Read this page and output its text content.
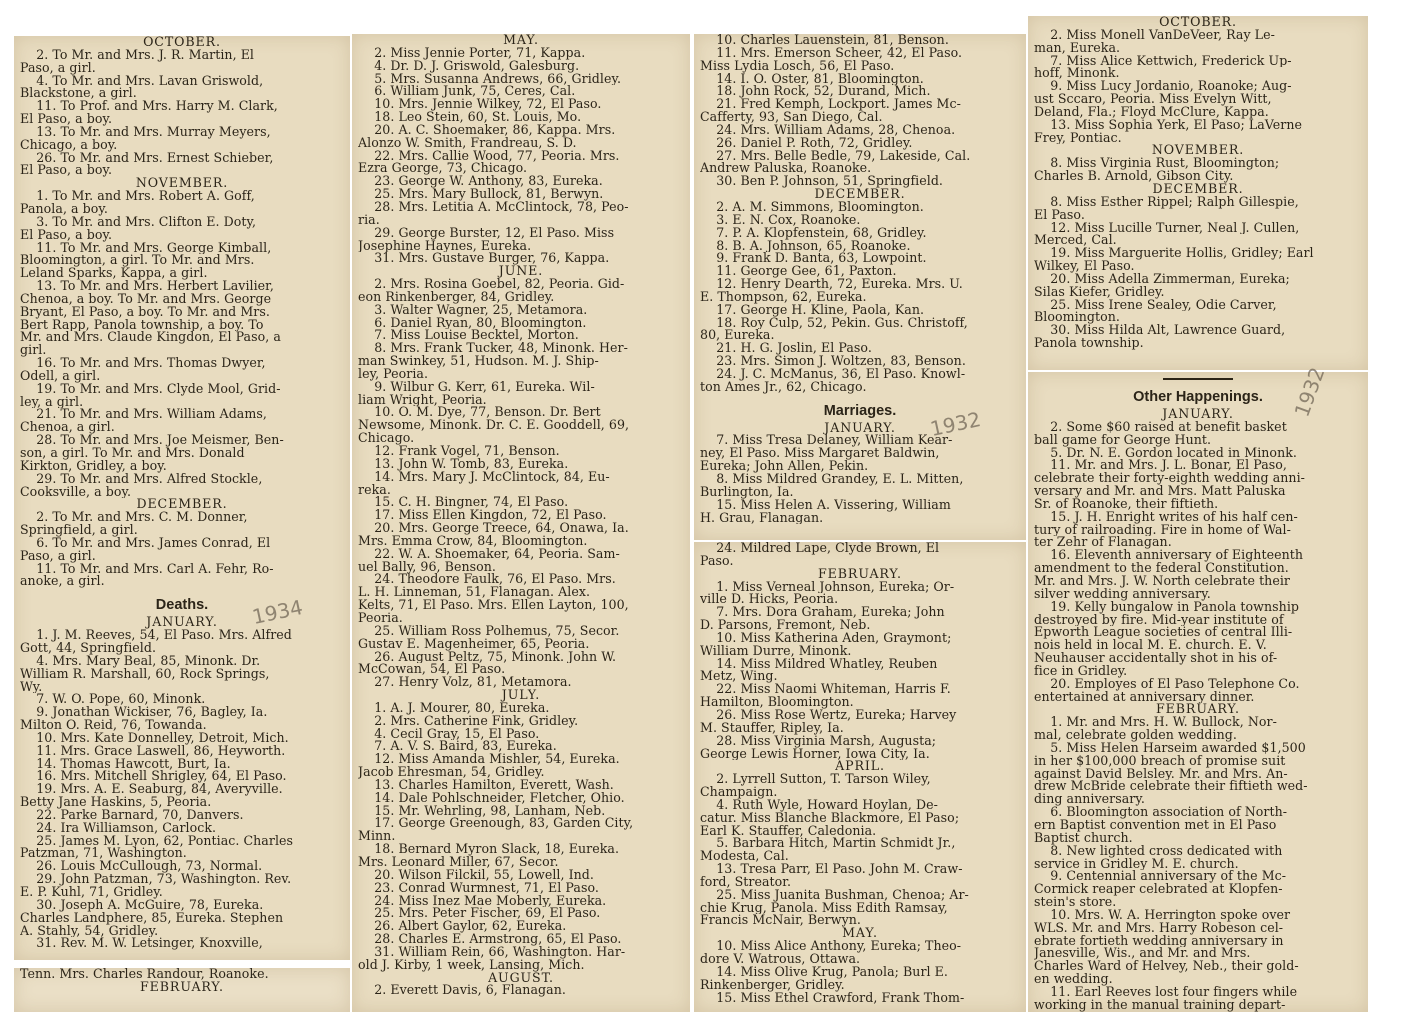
OCTOBER.
2. To Mr. and Mrs. J. R. Martin, El
Paso, a girl.
4. To Mr. and Mrs. Lavan Griswold,
Blackstone, a girl.
11. To Prof. and Mrs. Harry M. Clark,
El Paso, a boy.
13. To Mr. and Mrs. Murray Meyers,
Chicago, a boy.
26. To Mr. and Mrs. Ernest Schieber,
El Paso, a boy.
NOVEMBER.
1. To Mr. and Mrs. Robert A. Goff,
Panola, a boy.
3. To Mr. and Mrs. Clifton E. Doty,
El Paso, a boy.
11. To Mr. and Mrs. George Kimball,
Bloomington, a girl. To Mr. and Mrs.
Leland Sparks, Kappa, a girl.
13. To Mr. and Mrs. Herbert Lavilier,
Chenoa, a boy. To Mr. and Mrs. George
Bryant, El Paso, a boy. To Mr. and Mrs.
Bert Rapp, Panola township, a boy. To
Mr. and Mrs. Claude Kingdon, El Paso, a
girl.
16. To Mr. and Mrs. Thomas Dwyer,
Odell, a girl.
19. To Mr. and Mrs. Clyde Mool, Grid-
ley, a girl.
21. To Mr. and Mrs. William Adams,
Chenoa, a girl.
28. To Mr. and Mrs. Joe Meismer, Ben-
son, a girl. To Mr. and Mrs. Donald
Kirkton, Gridley, a boy.
29. To Mr. and Mrs. Alfred Stockle,
Cooksville, a boy.
DECEMBER.
2. To Mr. and Mrs. C. M. Donner,
Springfield, a girl.
6. To Mr. and Mrs. James Conrad, El
Paso, a girl.
11. To Mr. and Mrs. Carl A. Fehr, Ro-
anoke, a girl.
Deaths.
JANUARY.
1. J. M. Reeves, 54, El Paso. Mrs. Alfred
Gott, 44, Springfield.
4. Mrs. Mary Beal, 85, Minonk. Dr.
William R. Marshall, 60, Rock Springs,
Wy.
7. W. O. Pope, 60, Minonk.
9. Jonathan Wickiser, 76, Bagley, Ia.
Milton O. Reid, 76, Towanda.
10. Mrs. Kate Donnelley, Detroit, Mich.
11. Mrs. Grace Laswell, 86, Heyworth.
14. Thomas Hawcott, Burt, Ia.
16. Mrs. Mitchell Shrigley, 64, El Paso.
19. Mrs. A. E. Seaburg, 84, Averyville.
Betty Jane Haskins, 5, Peoria.
22. Parke Barnard, 70, Danvers.
24. Ira Williamson, Carlock.
25. James M. Lyon, 62, Pontiac. Charles
Patzman, 71, Washington.
26. Louis McCullough, 73, Normal.
29. John Patzman, 73, Washington. Rev.
E. P. Kuhl, 71, Gridley.
30. Joseph A. McGuire, 78, Eureka.
Charles Landphere, 85, Eureka. Stephen
A. Stahly, 54, Gridley.
31. Rev. M. W. Letsinger, Knoxville,
Tenn. Mrs. Charles Randour, Roanoke.
FEBRUARY.
MAY.
2. Miss Jennie Porter, 71, Kappa.
4. Dr. D. J. Griswold, Galesburg.
5. Mrs. Susanna Andrews, 66, Gridley.
6. William Junk, 75, Ceres, Cal.
10. Mrs. Jennie Wilkey, 72, El Paso.
18. Leo Stein, 60, St. Louis, Mo.
20. A. C. Shoemaker, 86, Kappa. Mrs.
Alonzo W. Smith, Frandreau, S. D.
22. Mrs. Callie Wood, 77, Peoria. Mrs.
Ezra George, 73, Chicago.
23. George W. Anthony, 83, Eureka.
25. Mrs. Mary Bullock, 81, Berwyn.
28. Mrs. Letitia A. McClintock, 78, Peo-
ria.
29. George Burster, 12, El Paso. Miss
Josephine Haynes, Eureka.
31. Mrs. Gustave Burger, 76, Kappa.
JUNE.
2. Mrs. Rosina Goebel, 82, Peoria. Gid-
eon Rinkenberger, 84, Gridley.
3. Walter Wagner, 25, Metamora.
6. Daniel Ryan, 80, Bloomington.
7. Miss Louise Becktel, Morton.
8. Mrs. Frank Tucker, 48, Minonk. Her-
man Swinkey, 51, Hudson. M. J. Ship-
ley, Peoria.
9. Wilbur G. Kerr, 61, Eureka. Wil-
liam Wright, Peoria.
10. O. M. Dye, 77, Benson. Dr. Bert
Newsome, Minonk. Dr. C. E. Gooddell, 69,
Chicago.
12. Frank Vogel, 71, Benson.
13. John W. Tomb, 83, Eureka.
14. Mrs. Mary J. McClintock, 84, Eu-
reka.
15. C. H. Bingner, 74, El Paso.
17. Miss Ellen Kingdon, 72, El Paso.
20. Mrs. George Treece, 64, Onawa, Ia.
Mrs. Emma Crow, 84, Bloomington.
22. W. A. Shoemaker, 64, Peoria. Sam-
uel Bally, 96, Benson.
24. Theodore Faulk, 76, El Paso. Mrs.
L. H. Linneman, 51, Flanagan. Alex.
Kelts, 71, El Paso. Mrs. Ellen Layton, 100,
Peoria.
25. William Ross Polhemus, 75, Secor.
Gustav E. Magenheimer, 65, Peoria.
26. August Peltz, 75, Minonk. John W.
McCowan, 54, El Paso.
27. Henry Volz, 81, Metamora.
JULY.
1. A. J. Mourer, 80, Eureka.
2. Mrs. Catherine Fink, Gridley.
4. Cecil Gray, 15, El Paso.
7. A. V. S. Baird, 83, Eureka.
12. Miss Amanda Mishler, 54, Eureka.
Jacob Ehresman, 54, Gridley.
13. Charles Hamilton, Everett, Wash.
14. Dale Pohlschneider, Fletcher, Ohio.
15. Mr. Wehrling, 98, Lanham, Neb.
17. George Greenough, 83, Garden City,
Minn.
18. Bernard Myron Slack, 18, Eureka.
Mrs. Leonard Miller, 67, Secor.
20. Wilson Filckil, 55, Lowell, Ind.
23. Conrad Wurmnest, 71, El Paso.
24. Miss Inez Mae Moberly, Eureka.
25. Mrs. Peter Fischer, 69, El Paso.
26. Albert Gaylor, 62, Eureka.
28. Charles E. Armstrong, 65, El Paso.
31. William Rein, 66, Washington. Har-
old J. Kirby, 1 week, Lansing, Mich.
AUGUST.
2. Everett Davis, 6, Flanagan.
10. Charles Lauenstein, 81, Benson.
11. Mrs. Emerson Scheer, 42, El Paso.
Miss Lydia Losch, 56, El Paso.
14. I. O. Oster, 81, Bloomington.
18. John Rock, 52, Durand, Mich.
21. Fred Kemph, Lockport. James Mc-
Cafferty, 93, San Diego, Cal.
24. Mrs. William Adams, 28, Chenoa.
26. Daniel P. Roth, 72, Gridley.
27. Mrs. Belle Bedle, 79, Lakeside, Cal.
Andrew Paluska, Roanoke.
30. Ben P. Johnson, 51, Springfield.
DECEMBER.
2. A. M. Simmons, Bloomington.
3. E. N. Cox, Roanoke.
7. P. A. Klopfenstein, 68, Gridley.
8. B. A. Johnson, 65, Roanoke.
9. Frank D. Banta, 63, Lowpoint.
11. George Gee, 61, Paxton.
12. Henry Dearth, 72, Eureka. Mrs. U.
E. Thompson, 62, Eureka.
17. George H. Kline, Paola, Kan.
18. Roy Culp, 52, Pekin. Gus. Christoff,
80, Eureka.
21. H. G. Joslin, El Paso.
23. Mrs. Simon J. Woltzen, 83, Benson.
24. J. C. McManus, 36, El Paso. Knowl-
ton Ames Jr., 62, Chicago.
Marriages.
JANUARY.
7. Miss Tresa Delaney, William Kear-
ney, El Paso. Miss Margaret Baldwin,
Eureka; John Allen, Pekin.
8. Miss Mildred Grandey, E. L. Mitten,
Burlington, Ia.
15. Miss Helen A. Vissering, William
H. Grau, Flanagan.
24. Mildred Lape, Clyde Brown, El
Paso.
FEBRUARY.
1. Miss Verneal Johnson, Eureka; Or-
ville D. Hicks, Peoria.
7. Mrs. Dora Graham, Eureka; John
D. Parsons, Fremont, Neb.
10. Miss Katherina Aden, Graymont;
William Durre, Minonk.
14. Miss Mildred Whatley, Reuben
Metz, Wing.
22. Miss Naomi Whiteman, Harris F.
Hamilton, Bloomington.
26. Miss Rose Wertz, Eureka; Harvey
M. Stauffer, Ripley, Ia.
28. Miss Virginia Marsh, Augusta;
George Lewis Horner, Iowa City, Ia.
APRIL.
2. Lyrrell Sutton, T. Tarson Wiley,
Champaign.
4. Ruth Wyle, Howard Hoylan, De-
catur. Miss Blanche Blackmore, El Paso;
Earl K. Stauffer, Caledonia.
5. Barbara Hitch, Martin Schmidt Jr.,
Modesta, Cal.
13. Tresa Parr, El Paso. John M. Craw-
ford, Streator.
25. Miss Juanita Bushman, Chenoa; Ar-
chie Krug, Panola. Miss Edith Ramsay,
Francis McNair, Berwyn.
MAY.
10. Miss Alice Anthony, Eureka; Theo-
dore V. Watrous, Ottawa.
14. Miss Olive Krug, Panola; Burl E.
Rinkenberger, Gridley.
15. Miss Ethel Crawford, Frank Thom-
OCTOBER.
2. Miss Monell VanDeVeer, Ray Le-
man, Eureka.
7. Miss Alice Kettwich, Frederick Up-
hoff, Minonk.
9. Miss Lucy Jordanio, Roanoke; Aug-
ust Sccaro, Peoria. Miss Evelyn Witt,
Deland, Fla.; Floyd McClure, Kappa.
13. Miss Sophia Yerk, El Paso; LaVerne
Frey, Pontiac.
NOVEMBER.
8. Miss Virginia Rust, Bloomington;
Charles B. Arnold, Gibson City.
DECEMBER.
8. Miss Esther Rippel; Ralph Gillespie,
El Paso.
12. Miss Lucille Turner, Neal J. Cullen,
Merced, Cal.
19. Miss Marguerite Hollis, Gridley; Earl
Wilkey, El Paso.
20. Miss Adella Zimmerman, Eureka;
Silas Kiefer, Gridley.
25. Miss Irene Sealey, Odie Carver,
Bloomington.
30. Miss Hilda Alt, Lawrence Guard,
Panola township.
Other Happenings.
JANUARY.
2. Some $60 raised at benefit basket
ball game for George Hunt.
5. Dr. N. E. Gordon located in Minonk.
11. Mr. and Mrs. J. L. Bonar, El Paso,
celebrate their forty-eighth wedding anni-
versary and Mr. and Mrs. Matt Paluska
Sr. of Roanoke, their fiftieth.
15. J. H. Enright writes of his half cen-
tury of railroading. Fire in home of Wal-
ter Zehr of Flanagan.
16. Eleventh anniversary of Eighteenth
amendment to the federal Constitution.
Mr. and Mrs. J. W. North celebrate their
silver wedding anniversary.
19. Kelly bungalow in Panola township
destroyed by fire. Mid-year institute of
Epworth League societies of central Illi-
nois held in local M. E. church. E. V.
Neuhauser accidentally shot in his of-
fice in Gridley.
20. Employes of El Paso Telephone Co.
entertained at anniversary dinner.
FEBRUARY.
1. Mr. and Mrs. H. W. Bullock, Nor-
mal, celebrate golden wedding.
5. Miss Helen Harseim awarded $1,500
in her $100,000 breach of promise suit
against David Belsley. Mr. and Mrs. An-
drew McBride celebrate their fiftieth wed-
ding anniversary.
6. Bloomington association of North-
ern Baptist convention met in El Paso
Baptist church.
8. New lighted cross dedicated with
service in Gridley M. E. church.
9. Centennial anniversary of the Mc-
Cormick reaper celebrated at Klopfen-
stein's store.
10. Mrs. W. A. Herrington spoke over
WLS. Mr. and Mrs. Harry Robeson cel-
ebrate fortieth wedding anniversary in
Janesville, Wis., and Mr. and Mrs.
Charles Ward of Helvey, Neb., their gold-
en wedding.
11. Earl Reeves lost four fingers while
working in the manual training depart-
1934
1932
1932
